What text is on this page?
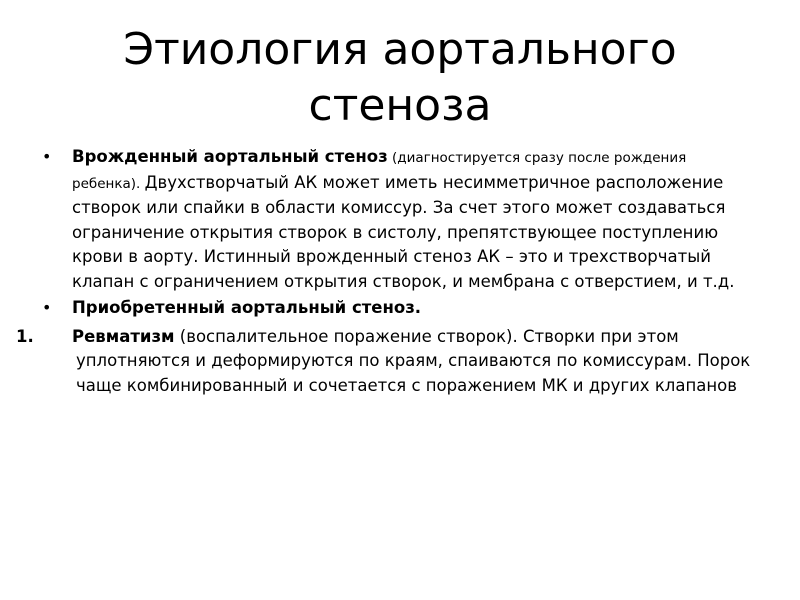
Этиология аортального стеноза
• Врожденный аортальный стеноз (диагностируется сразу после рождения ребенка). Двухстворчатый АК может иметь несимметричное расположение створок или спайки в области комиссур. За счет этого может создаваться ограничение открытия створок в систолу, препятствующее поступлению крови в аорту. Истинный врожденный стеноз АК – это и трехстворчатый клапан с ограничением открытия створок, и мембрана с отверстием, и т.д.
• Приобретенный аортальный стеноз.
1.	Ревматизм (воспалительное поражение створок). Створки при этом уплотняются и деформируются по краям, спаиваются по комиссурам. Порок чаще комбинированный и сочетается с поражением МК и других клапанов
